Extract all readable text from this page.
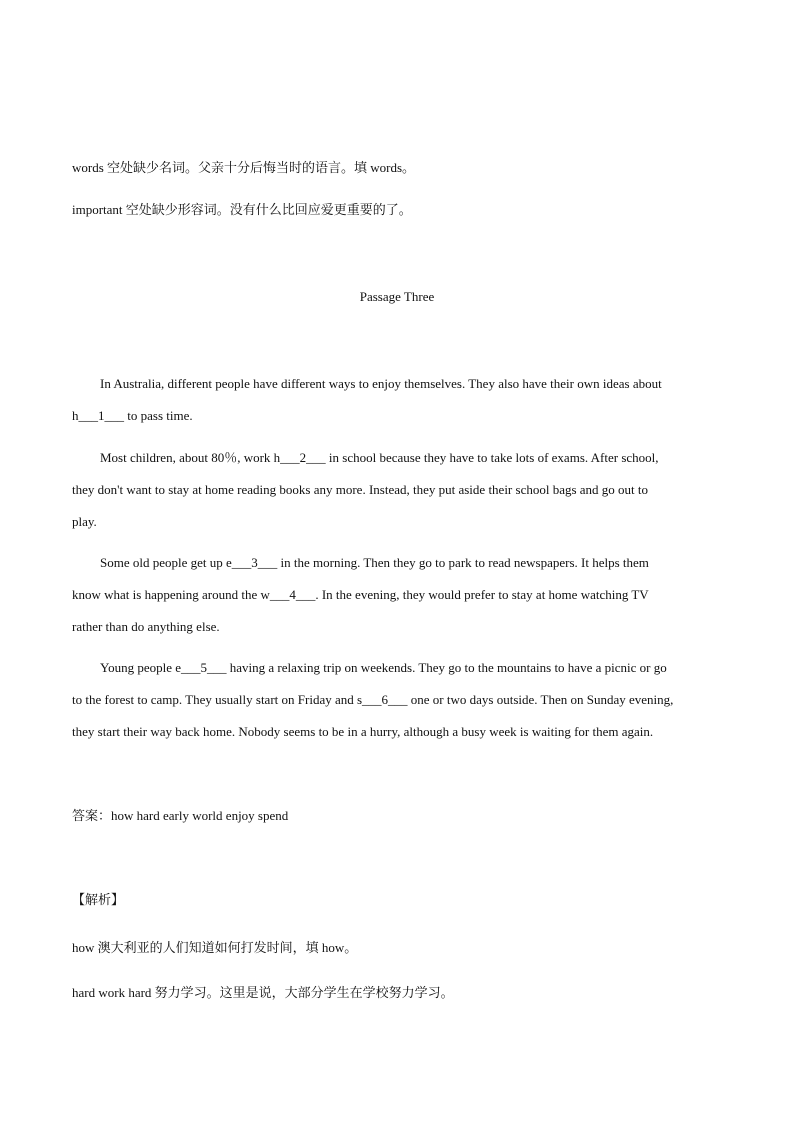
words 空处缺少名词。父亲十分后悔当时的语言。填 words。
important 空处缺少形容词。没有什么比回应爱更重要的了。
Passage Three
In Australia, different people have different ways to enjoy themselves. They also have their own ideas about
h___1___ to pass time.
Most children, about 80％, work h___2___ in school because they have to take lots of exams. After school,
they don't want to stay at home reading books any more. Instead, they put aside their school bags and go out to
play.
Some old people get up e___3___ in the morning. Then they go to park to read newspapers. It helps them
know what is happening around the w___4___. In the evening, they would prefer to stay at home watching TV
rather than do anything else.
Young people e___5___ having a relaxing trip on weekends. They go to the mountains to have a picnic or go
to the forest to camp. They usually start on Friday and s___6___ one or two days outside. Then on Sunday evening,
they start their way back home. Nobody seems to be in a hurry, although a busy week is waiting for them again.
答案：how hard early world enjoy spend
【解析】
how 澳大利亚的人们知道如何打发时间，填 how。
hard work hard 努力学习。这里是说，大部分学生在学校努力学习。
